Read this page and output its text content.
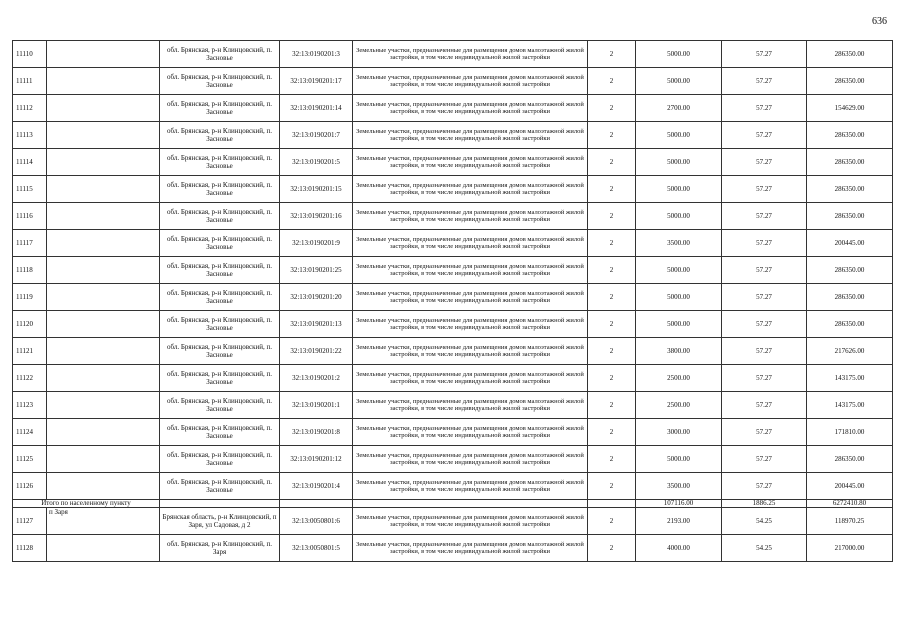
636
11110		обл. Брянская, р-н Клинцовский, п. Засновье	32:13:0190201:3	Земельные участки, предназначенные для размещения домов малоэтажной жилой застройки, в том числе индивидуальной жилой застройки	2	5000.00	57.27	286350.00
11111		обл. Брянская, р-н Клинцовский, п. Засновье	32:13:0190201:17	Земельные участки, предназначенные для размещения домов малоэтажной жилой застройки, в том числе индивидуальной жилой застройки	2	5000.00	57.27	286350.00
11112		обл. Брянская, р-н Клинцовский, п. Засновье	32:13:0190201:14	Земельные участки, предназначенные для размещения домов малоэтажной жилой застройки, в том числе индивидуальной жилой застройки	2	2700.00	57.27	154629.00
11113		обл. Брянская, р-н Клинцовский, п. Засновье	32:13:0190201:7	Земельные участки, предназначенные для размещения домов малоэтажной жилой застройки, в том числе индивидуальной жилой застройки	2	5000.00	57.27	286350.00
11114		обл. Брянская, р-н Клинцовский, п. Засновье	32:13:0190201:5	Земельные участки, предназначенные для размещения домов малоэтажной жилой застройки, в том числе индивидуальной жилой застройки	2	5000.00	57.27	286350.00
11115		обл. Брянская, р-н Клинцовский, п. Засновье	32:13:0190201:15	Земельные участки, предназначенные для размещения домов малоэтажной жилой застройки, в том числе индивидуальной жилой застройки	2	5000.00	57.27	286350.00
11116		обл. Брянская, р-н Клинцовский, п. Засновье	32:13:0190201:16	Земельные участки, предназначенные для размещения домов малоэтажной жилой застройки, в том числе индивидуальной жилой застройки	2	5000.00	57.27	286350.00
11117		обл. Брянская, р-н Клинцовский, п. Засновье	32:13:0190201:9	Земельные участки, предназначенные для размещения домов малоэтажной жилой застройки, в том числе индивидуальной жилой застройки	2	3500.00	57.27	200445.00
11118		обл. Брянская, р-н Клинцовский, п. Засновье	32:13:0190201:25	Земельные участки, предназначенные для размещения домов малоэтажной жилой застройки, в том числе индивидуальной жилой застройки	2	5000.00	57.27	286350.00
11119		обл. Брянская, р-н Клинцовский, п. Засновье	32:13:0190201:20	Земельные участки, предназначенные для размещения домов малоэтажной жилой застройки, в том числе индивидуальной жилой застройки	2	5000.00	57.27	286350.00
11120		обл. Брянская, р-н Клинцовский, п. Засновье	32:13:0190201:13	Земельные участки, предназначенные для размещения домов малоэтажной жилой застройки, в том числе индивидуальной жилой застройки	2	5000.00	57.27	286350.00
11121		обл. Брянская, р-н Клинцовский, п. Засновье	32:13:0190201:22	Земельные участки, предназначенные для размещения домов малоэтажной жилой застройки, в том числе индивидуальной жилой застройки	2	3800.00	57.27	217626.00
11122		обл. Брянская, р-н Клинцовский, п. Засновье	32:13:0190201:2	Земельные участки, предназначенные для размещения домов малоэтажной жилой застройки, в том числе индивидуальной жилой застройки	2	2500.00	57.27	143175.00
11123		обл. Брянская, р-н Клинцовский, п. Засновье	32:13:0190201:1	Земельные участки, предназначенные для размещения домов малоэтажной жилой застройки, в том числе индивидуальной жилой застройки	2	2500.00	57.27	143175.00
11124		обл. Брянская, р-н Клинцовский, п. Засновье	32:13:0190201:8	Земельные участки, предназначенные для размещения домов малоэтажной жилой застройки, в том числе индивидуальной жилой застройки	2	3000.00	57.27	171810.00
11125		обл. Брянская, р-н Клинцовский, п. Засновье	32:13:0190201:12	Земельные участки, предназначенные для размещения домов малоэтажной жилой застройки, в том числе индивидуальной жилой застройки	2	5000.00	57.27	286350.00
11126		обл. Брянская, р-н Клинцовский, п. Засновье	32:13:0190201:4	Земельные участки, предназначенные для размещения домов малоэтажной жилой застройки, в том числе индивидуальной жилой застройки	2	3500.00	57.27	200445.00
Итого по населенному пункту						107116.00	1886.25	6272410.80
11127	п Заря	Брянская область, р-н Клинцовский, п Заря, ул Садовая, д 2	32:13:0050801:6	Земельные участки, предназначенные для размещения домов малоэтажной жилой застройки, в том числе индивидуальной жилой застройки	2	2193.00	54.25	118970.25
11128		обл. Брянская, р-н Клинцовский, п. Заря	32:13:0050801:5	Земельные участки, предназначенные для размещения домов малоэтажной жилой застройки, в том числе индивидуальной жилой застройки	2	4000.00	54.25	217000.00
